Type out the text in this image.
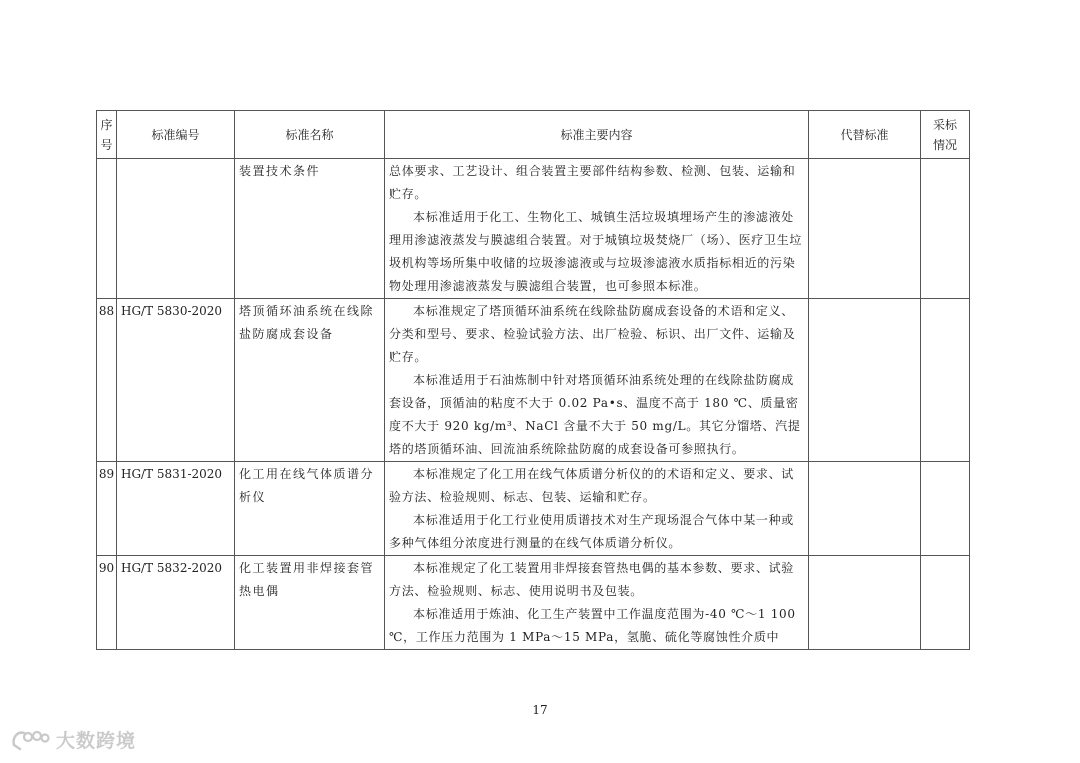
序号	标准编号	标准名称	标准主要内容	代替标准	采标情况
		装置技术条件	总体要求、工艺设计、组合装置主要部件结构参数、检测、包装、运输和贮存。
本标准适用于化工、生物化工、城镇生活垃圾填埋场产生的渗滤液处理用渗滤液蒸发与膜滤组合装置。对于城镇垃圾焚烧厂（场）、医疗卫生垃圾机构等场所集中收储的垃圾渗滤液或与垃圾渗滤液水质指标相近的污染物处理用渗滤液蒸发与膜滤组合装置，也可参照本标准。		

88	HG/T 5830-2020	塔顶循环油系统在线除盐防腐成套设备	本标准规定了塔顶循环油系统在线除盐防腐成套设备的术语和定义、分类和型号、要求、检验试验方法、出厂检验、标识、出厂文件、运输及贮存。
本标准适用于石油炼制中针对塔顶循环油系统处理的在线除盐防腐成套设备，顶循油的粘度不大于 0.02 Pa•s、温度不高于 180 ℃、质量密度不大于 920 kg/m³、NaCl 含量不大于 50 mg/L。其它分馏塔、汽提塔的塔顶循环油、回流油系统除盐防腐的成套设备可参照执行。		

89	HG/T 5831-2020	化工用在线气体质谱分析仪	本标准规定了化工用在线气体质谱分析仪的的术语和定义、要求、试验方法、检验规则、标志、包装、运输和贮存。
本标准适用于化工行业使用质谱技术对生产现场混合气体中某一种或多种气体组分浓度进行测量的在线气体质谱分析仪。		

90	HG/T 5832-2020	化工装置用非焊接套管热电偶	本标准规定了化工装置用非焊接套管热电偶的基本参数、要求、试验方法、检验规则、标志、使用说明书及包装。
本标准适用于炼油、化工生产装置中工作温度范围为-40 ℃～1 100 ℃，工作压力范围为 1 MPa～15 MPa，氢脆、硫化等腐蚀性介质中		

17
大数跨境
